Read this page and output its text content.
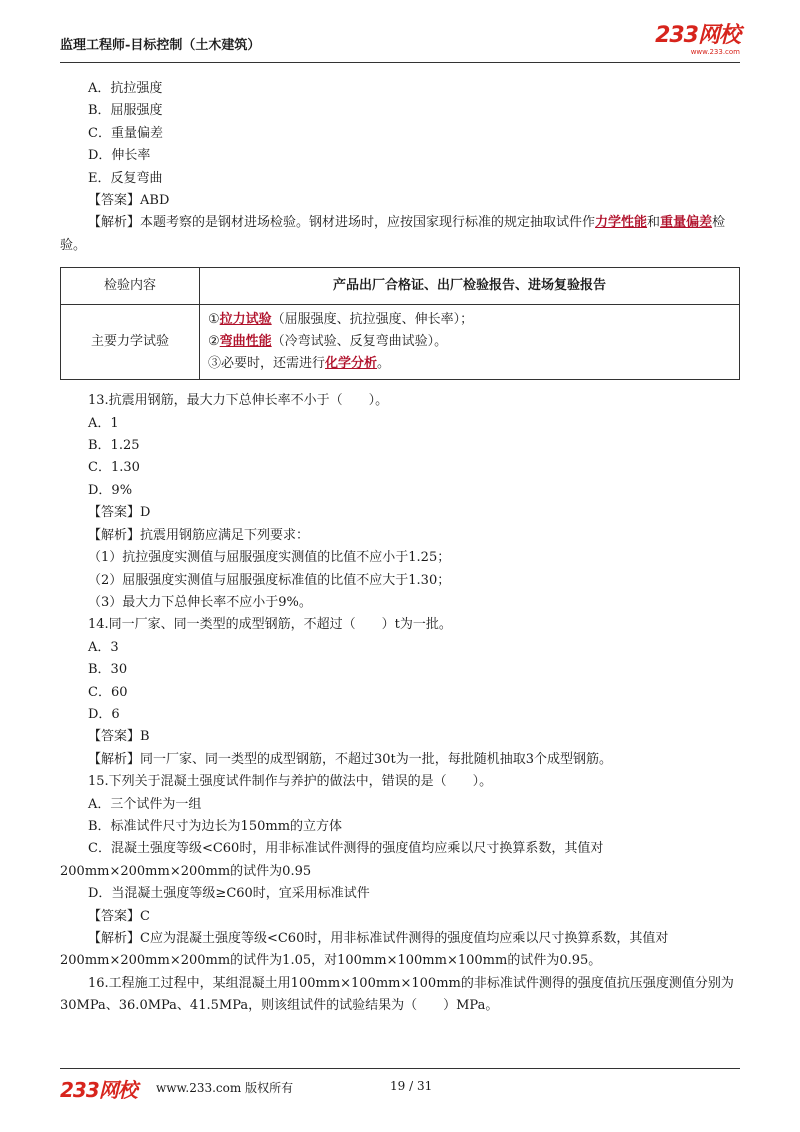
监理工程师-目标控制（土木建筑）	233网校
www.233.com
A．抗拉强度
B．屈服强度
C．重量偏差
D．伸长率
E．反复弯曲
【答案】ABD
【解析】本题考察的是钢材进场检验。钢材进场时，应按国家现行标准的规定抽取试件作力学性能和重量偏差检验。
检验内容	产品出厂合格证、出厂检验报告、进场复验报告
主要力学试验	①拉力试验（屈服强度、抗拉强度、伸长率）；
②弯曲性能（冷弯试验、反复弯曲试验）。
③必要时，还需进行化学分析。
13.抗震用钢筋，最大力下总伸长率不小于（　　）。
A．1
B．1.25
C．1.30
D．9%
【答案】D
【解析】抗震用钢筋应满足下列要求：
（1）抗拉强度实测值与屈服强度实测值的比值不应小于1.25；
（2）屈服强度实测值与屈服强度标准值的比值不应大于1.30；
（3）最大力下总伸长率不应小于9%。
14.同一厂家、同一类型的成型钢筋，不超过（　　）t为一批。
A．3
B．30
C．60
D．6
【答案】B
【解析】同一厂家、同一类型的成型钢筋，不超过30t为一批，每批随机抽取3个成型钢筋。
15.下列关于混凝土强度试件制作与养护的做法中，错误的是（　　）。
A．三个试件为一组
B．标准试件尺寸为边长为150mm的立方体
C．混凝土强度等级<C60时，用非标准试件测得的强度值均应乘以尺寸换算系数，其值对200mm×200mm×200mm的试件为0.95
D．当混凝土强度等级≥C60时，宜采用标准试件
【答案】C
【解析】C应为混凝土强度等级<C60时，用非标准试件测得的强度值均应乘以尺寸换算系数，其值对200mm×200mm×200mm的试件为1.05，对100mm×100mm×100mm的试件为0.95。
16.工程施工过程中，某组混凝土用100mm×100mm×100mm的非标准试件测得的强度值抗压强度测值分别为30MPa、36.0MPa、41.5MPa，则该组试件的试验结果为（　　）MPa。
233网校 www.233.com 版权所有	19 / 31
